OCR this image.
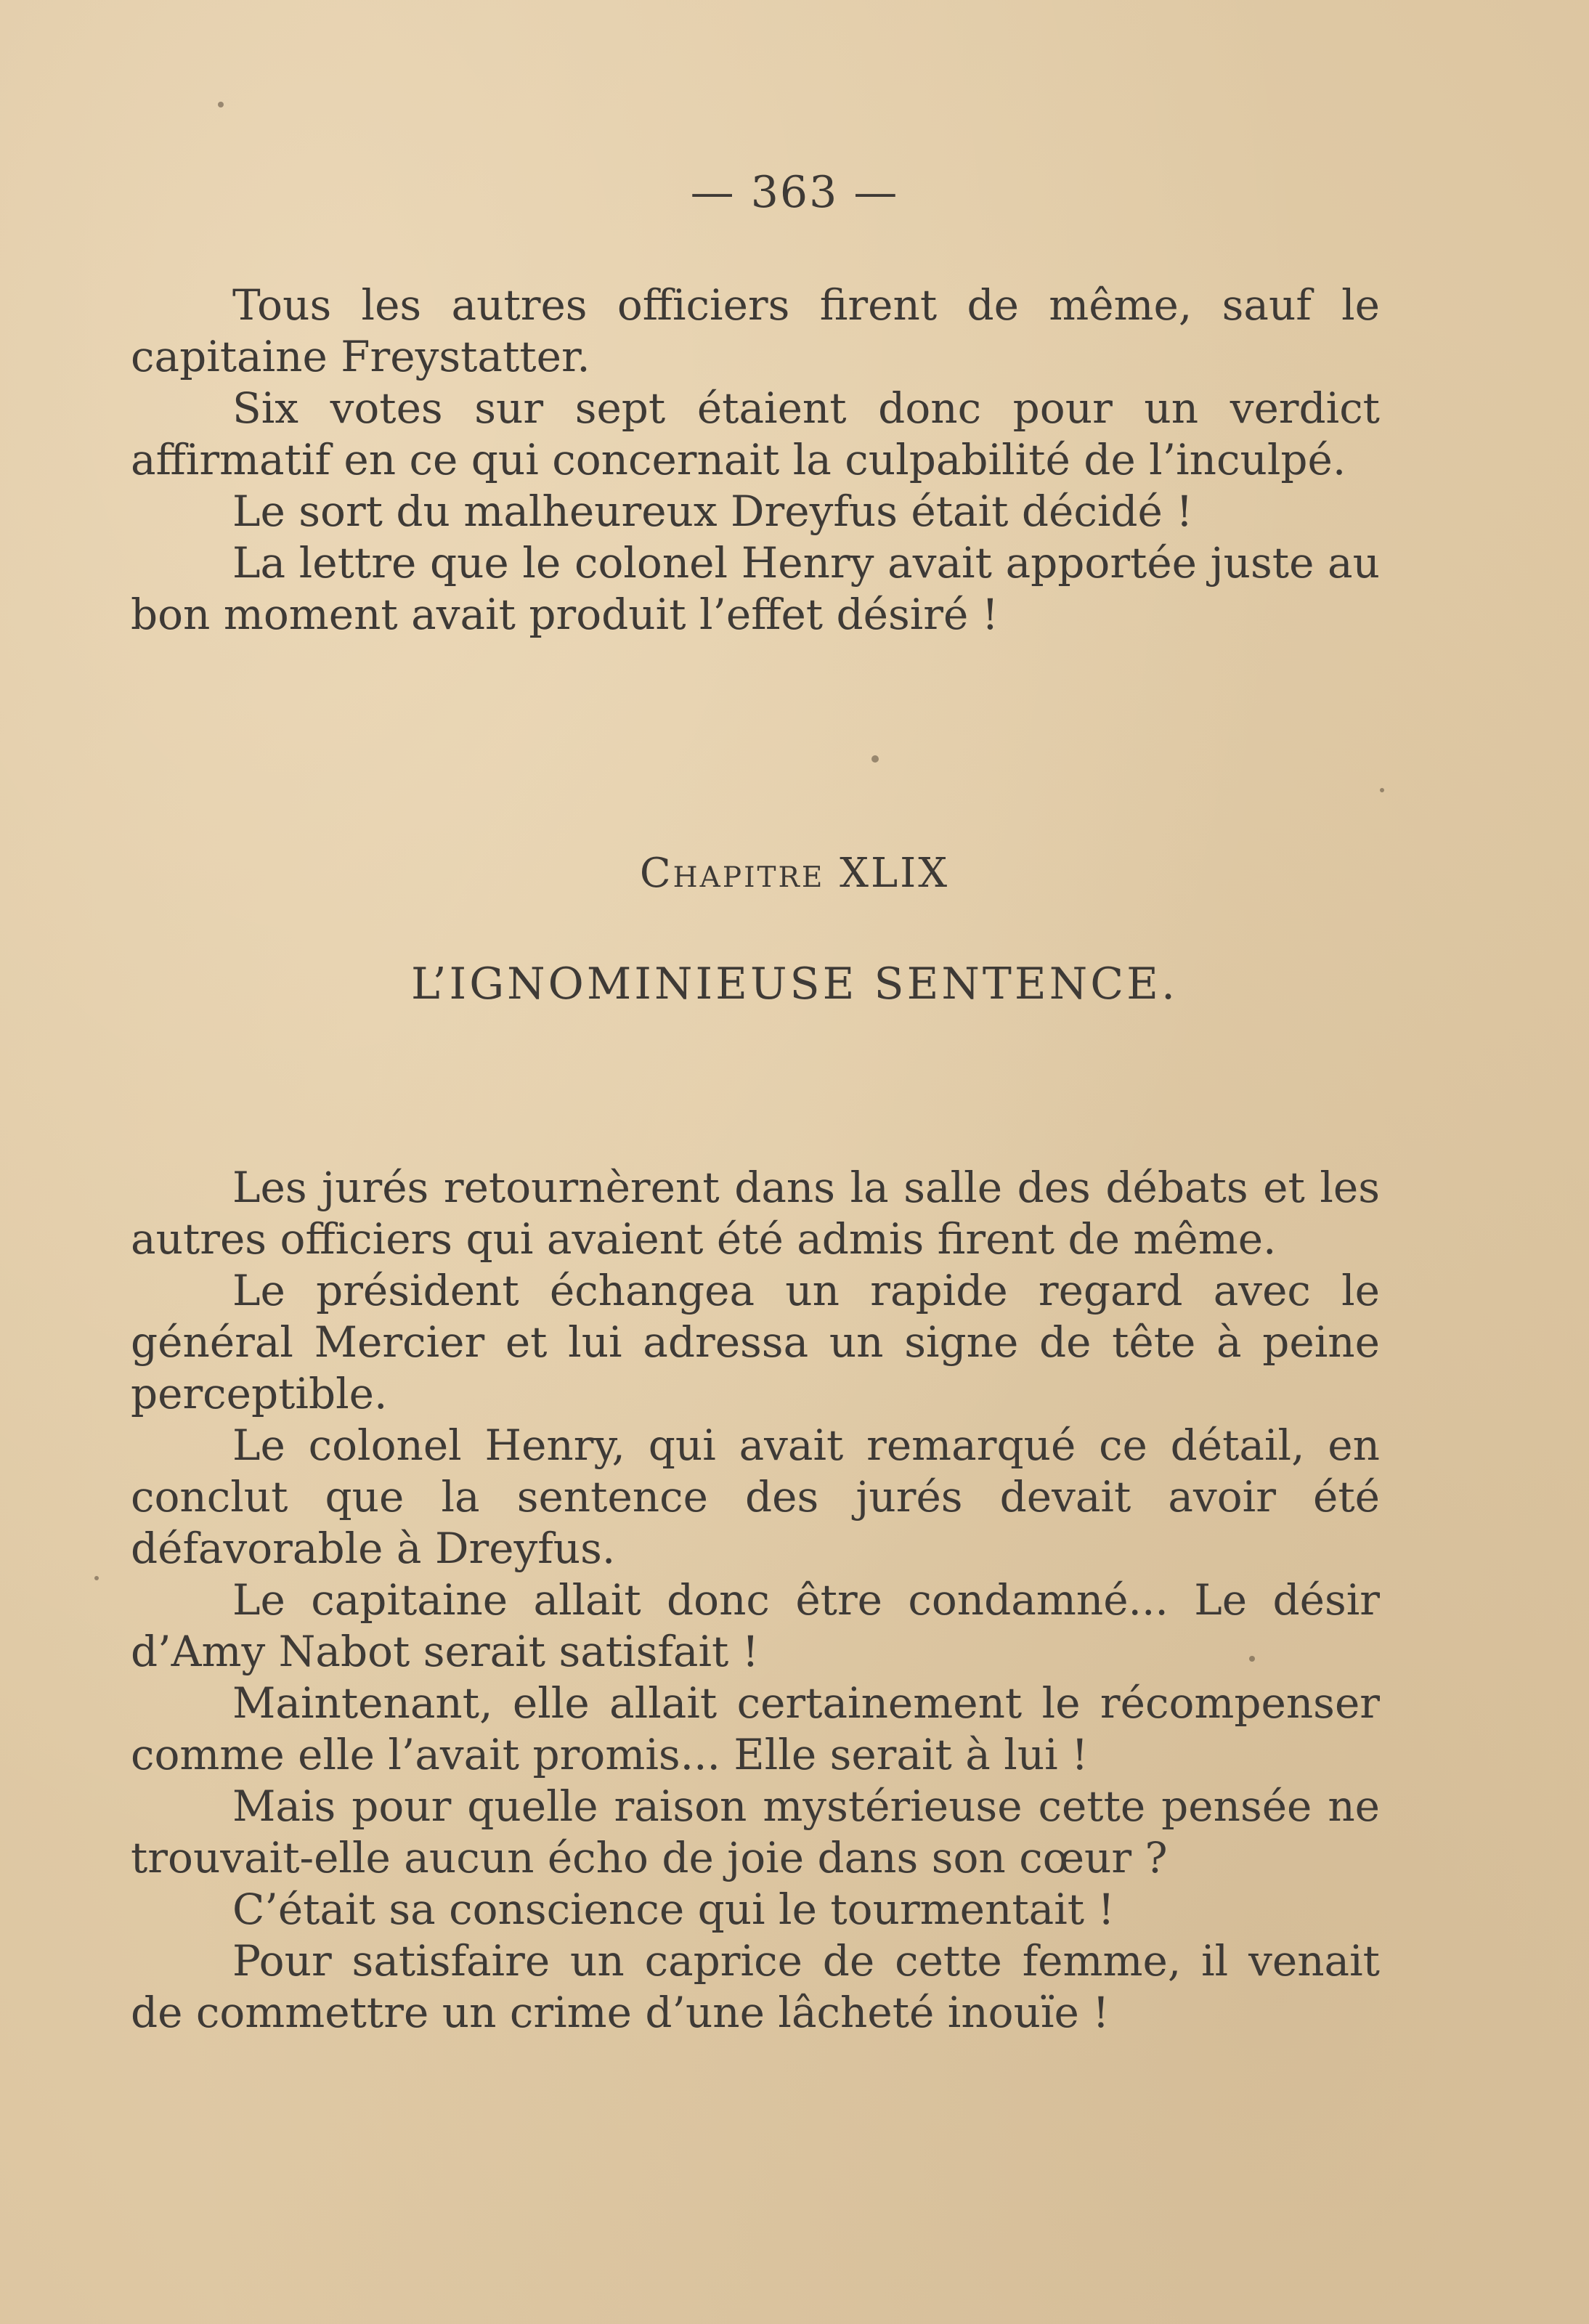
— 363 —

Tous les autres officiers firent de même, sauf le capitaine Freystatter.

Six votes sur sept étaient donc pour un verdict affirmatif en ce qui concernait la culpabilité de l’inculpé.

Le sort du malheureux Dreyfus était décidé !

La lettre que le colonel Henry avait apportée juste au bon moment avait produit l’effet désiré !

Chapitre XLIX
L’IGNOMINIEUSE SENTENCE.

Les jurés retournèrent dans la salle des débats et les autres officiers qui avaient été admis firent de même.

Le président échangea un rapide regard avec le général Mercier et lui adressa un signe de tête à peine perceptible.

Le colonel Henry, qui avait remarqué ce détail, en conclut que la sentence des jurés devait avoir été défavorable à Dreyfus.

Le capitaine allait donc être condamné... Le désir d’Amy Nabot serait satisfait !

Maintenant, elle allait certainement le récompenser comme elle l’avait promis... Elle serait à lui !

Mais pour quelle raison mystérieuse cette pensée ne trouvait-elle aucun écho de joie dans son cœur ?

C’était sa conscience qui le tourmentait !

Pour satisfaire un caprice de cette femme, il venait de commettre un crime d’une lâcheté inouïe !
